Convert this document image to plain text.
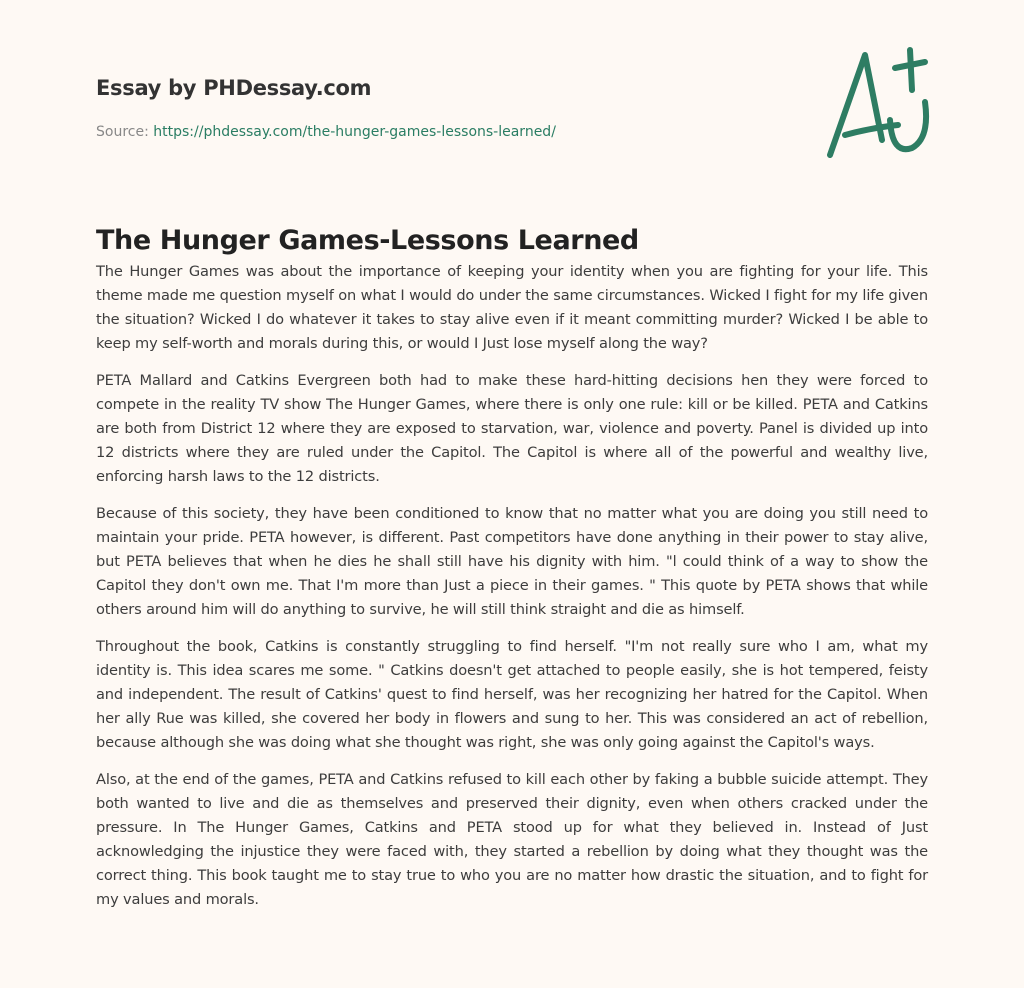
Essay by PHDessay.com
Source: https://phdessay.com/the-hunger-games-lessons-learned/
The Hunger Games-Lessons Learned

The Hunger Games was about the importance of keeping your identity when you are fighting for your life. This theme made me question myself on what I would do under the same circumstances. Wicked I fight for my life given the situation? Wicked I do whatever it takes to stay alive even if it meant committing murder? Wicked I be able to keep my self-worth and morals during this, or would I Just lose myself along the way?

PETA Mallard and Catkins Evergreen both had to make these hard-hitting decisions hen they were forced to compete in the reality TV show The Hunger Games, where there is only one rule: kill or be killed. PETA and Catkins are both from District 12 where they are exposed to starvation, war, violence and poverty. Panel is divided up into 12 districts where they are ruled under the Capitol. The Capitol is where all of the powerful and wealthy live, enforcing harsh laws to the 12 districts.

Because of this society, they have been conditioned to know that no matter what you are doing you still need to maintain your pride. PETA however, is different. Past competitors have done anything in their power to stay alive, but PETA believes that when he dies he shall still have his dignity with him. "l could think of a way to show the Capitol they don't own me. That I'm more than Just a piece in their games. " This quote by PETA shows that while others around him will do anything to survive, he will still think straight and die as himself.

Throughout the book, Catkins is constantly struggling to find herself. "I'm not really sure who I am, what my identity is. This idea scares me some. " Catkins doesn't get attached to people easily, she is hot tempered, feisty and independent. The result of Catkins' quest to find herself, was her recognizing her hatred for the Capitol. When her ally Rue was killed, she covered her body in flowers and sung to her. This was considered an act of rebellion, because although she was doing what she thought was right, she was only going against the Capitol's ways.

Also, at the end of the games, PETA and Catkins refused to kill each other by faking a bubble suicide attempt. They both wanted to live and die as themselves and preserved their dignity, even when others cracked under the pressure. In The Hunger Games, Catkins and PETA stood up for what they believed in. Instead of Just acknowledging the injustice they were faced with, they started a rebellion by doing what they thought was the correct thing. This book taught me to stay true to who you are no matter how drastic the situation, and to fight for my values and morals.
